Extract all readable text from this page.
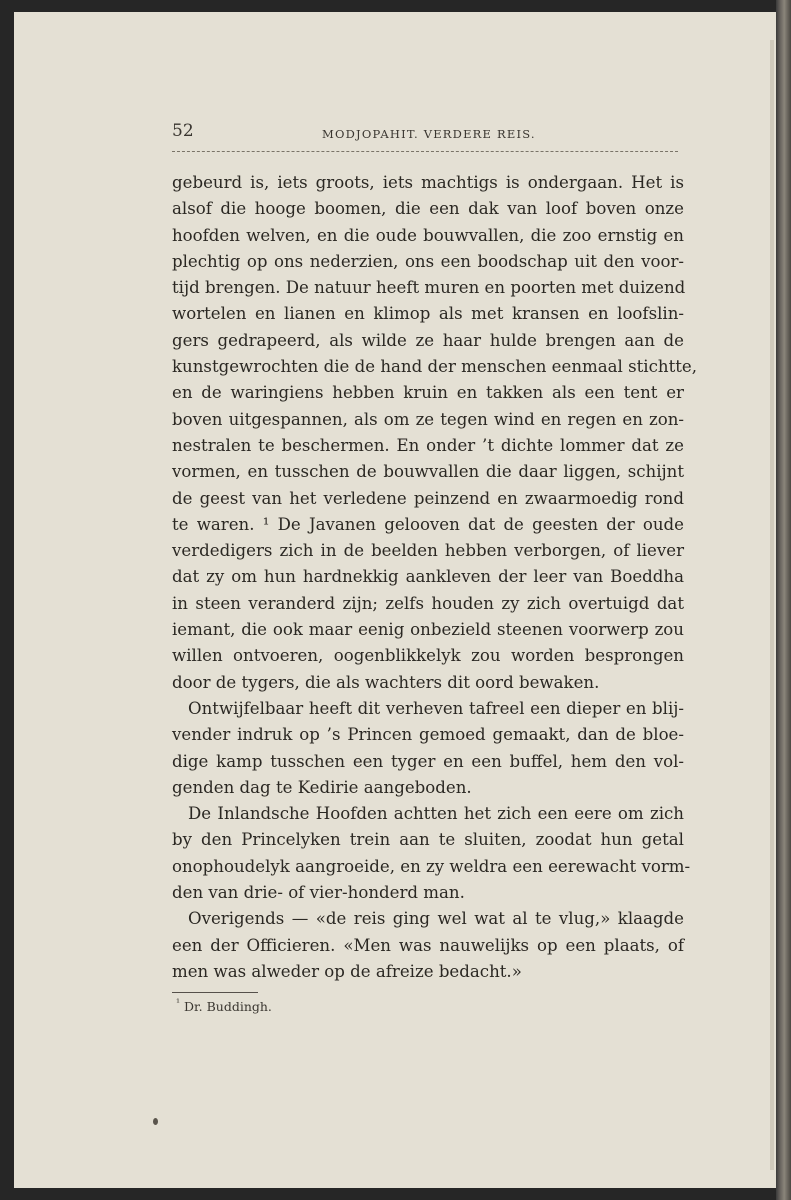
52	MODJOPAHIT. VERDERE REIS.
gebeurd is, iets groots, iets machtigs is ondergaan. Het is
alsof die hooge boomen, die een dak van loof boven onze
hoofden welven, en die oude bouwvallen, die zoo ernstig en
plechtig op ons nederzien, ons een boodschap uit den voor-
tijd brengen. De natuur heeft muren en poorten met duizend
wortelen en lianen en klimop als met kransen en loofslin-
gers gedrapeerd, als wilde ze haar hulde brengen aan de
kunstgewrochten die de hand der menschen eenmaal stichtte,
en de waringiens hebben kruin en takken als een tent er
boven uitgespannen, als om ze tegen wind en regen en zon-
nestralen te beschermen. En onder ’t dichte lommer dat ze
vormen, en tusschen de bouwvallen die daar liggen, schijnt
de geest van het verledene peinzend en zwaarmoedig rond
te waren. ¹ De Javanen gelooven dat de geesten der oude
verdedigers zich in de beelden hebben verborgen, of liever
dat zy om hun hardnekkig aankleven der leer van Boeddha
in steen veranderd zijn; zelfs houden zy zich overtuigd dat
iemant, die ook maar eenig onbezield steenen voorwerp zou
willen ontvoeren, oogenblikkelyk zou worden besprongen
door de tygers, die als wachters dit oord bewaken.
Ontwijfelbaar heeft dit verheven tafreel een dieper en blij-
vender indruk op ’s Princen gemoed gemaakt, dan de bloe-
dige kamp tusschen een tyger en een buffel, hem den vol-
genden dag te Kedirie aangeboden.
De Inlandsche Hoofden achtten het zich een eere om zich
by den Princelyken trein aan te sluiten, zoodat hun getal
onophoudelyk aangroeide, en zy weldra een eerewacht vorm-
den van drie- of vier-honderd man.
Overigends — «de reis ging wel wat al te vlug,» klaagde
een der Officieren. «Men was nauwelijks op een plaats, of
men was alweder op de afreize bedacht.»
$^{^1}$ Dr. Buddingh.
